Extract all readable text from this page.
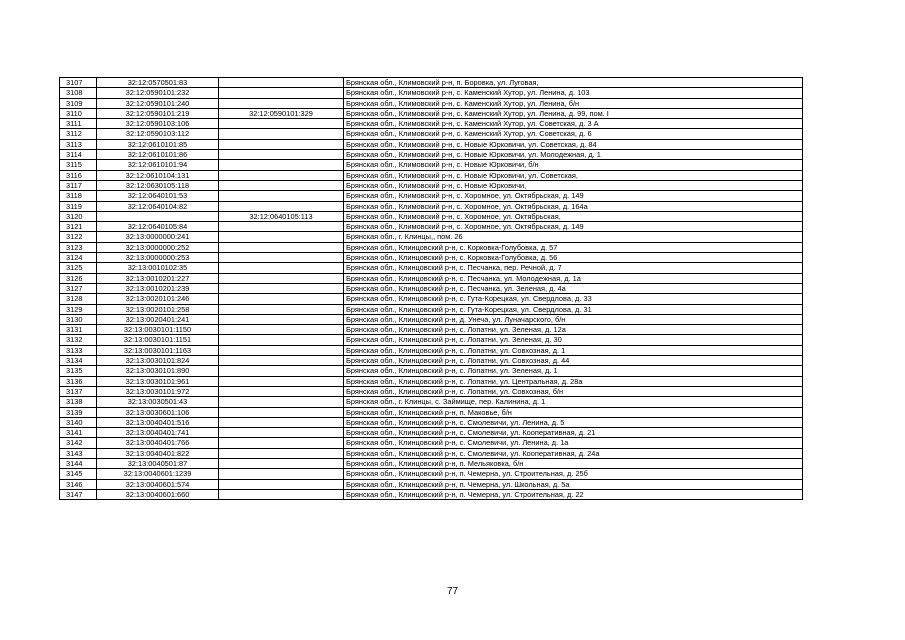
3107	32:12:0570501:83		Брянская обл., Климовский р-н, п. Боровка, ул. Луговая,
3108	32:12:0590101:232		Брянская обл., Климовский р-н, с. Каменский Хутор, ул. Ленина, д. 103
3109	32:12:0590101:240		Брянская обл., Климовский р-н, с. Каменский Хутор, ул. Ленина, б/н
3110	32:12:0590101:219	32:12:0590101:329	Брянская обл., Климовский р-н, с. Каменский Хутор, ул. Ленина, д. 99, пом. I
3111	32:12:0590103:106		Брянская обл., Климовский р-н, с. Каменский Хутор, ул. Советская, д. 3 А
3112	32:12:0590103:112		Брянская обл., Климовский р-н, с. Каменский Хутор, ул. Советская, д. 6
3113	32:12:0610101:85		Брянская обл., Климовский р-н, с. Новые Юрковичи, ул. Советская, д. 84
3114	32:12:0610101:86		Брянская обл., Климовский р-н, с. Новые Юрковичи, ул. Молодежная, д. 1
3115	32:12:0610101:94		Брянская обл., Климовский р-н, с. Новые Юрковичи, б/н
3116	32:12:0610104:131		Брянская обл., Климовский р-н, с. Новые Юрковичи, ул. Советская,
3117	32:12:0630105:118		Брянская обл., Климовский р-н, с. Новые Юрковичи,
3118	32:12:0640101:53		Брянская обл., Климовский р-н, с. Хоромное, ул. Октябрьская, д. 149
3119	32:12:0640104:82		Брянская обл., Климовский р-н, с. Хоромное, ул. Октябрьская, д. 164а
3120		32:12:0640105:113	Брянская обл., Климовский р-н, с. Хоромное, ул. Октябрьская,
3121	32:12:0640105:84		Брянская обл., Климовский р-н, с. Хоромное, ул. Октябрьская, д. 149
3122	32:13:0000000:241		Брянская обл., г. Клинцы,, пом. 26
3123	32:13:0000000:252		Брянская обл., Клинцовский р-н, с. Корковка-Голубовка, д. 57
3124	32:13:0000000:253		Брянская обл., Клинцовский р-н, с. Корковка-Голубовка, д. 56
3125	32:13:0010102:35		Брянская обл., Клинцовский р-н, с. Песчанка, пер. Речной, д. 7
3126	32:13:0010201:227		Брянская обл., Клинцовский р-н, с. Песчанка, ул. Молодежная, д. 1а
3127	32:13:0010201:239		Брянская обл., Клинцовский р-н, с. Песчанка, ул. Зеленая, д. 4а
3128	32:13:0020101:246		Брянская обл., Клинцовский р-н, с. Гута-Корецкая, ул. Свердлова, д. 33
3129	32:13:0020101:258		Брянская обл., Клинцовский р-н, с. Гута-Корецкая, ул. Свердлова, д. 31
3130	32:13:0020401:241		Брянская обл., Клинцовский р-н, д. Унеча, ул. Луначарского, б/н
3131	32:13:0030101:1150		Брянская обл., Клинцовский р-н, с. Лопатни, ул. Зеленая, д. 12а
3132	32:13:0030101:1151		Брянская обл., Клинцовский р-н, с. Лопатни, ул. Зеленая, д. 30
3133	32:13:0030101:1163		Брянская обл., Клинцовский р-н, с. Лопатни, ул. Совхозная, д. 1
3134	32:13:0030101:824		Брянская обл., Клинцовский р-н, с. Лопатни, ул. Совхозная, д. 44
3135	32:13:0030101:890		Брянская обл., Клинцовский р-н, с. Лопатни, ул. Зеленая, д. 1
3136	32:13:0030101:961		Брянская обл., Клинцовский р-н, с. Лопатни, ул. Центральная, д. 28а
3137	32:13:0030101:972		Брянская обл., Клинцовский р-н, с. Лопатни, ул. Совхозная, б/н
3138	32:13:0030501:43		Брянская обл., г. Клинцы, с. Займище, пер. Калинина, д. 1
3139	32:13:0030601:106		Брянская обл., Клинцовский р-н, п. Маковье, б/н
3140	32:13:0040401:516		Брянская обл., Клинцовский р-н, с. Смолевичи, ул. Ленина, д. 5
3141	32:13:0040401:741		Брянская обл., Клинцовский р-н, с. Смолевичи, ул. Кооперативная, д. 21
3142	32:13:0040401:766		Брянская обл., Клинцовский р-н, с. Смолевичи, ул. Ленина, д. 1а
3143	32:13:0040401:822		Брянская обл., Клинцовский р-н, с. Смолевичи, ул. Кооперативная, д. 24а
3144	32:13:0040501:87		Брянская обл., Клинцовский р-н, п. Мельяковка, б/н
3145	32:13:0040601:1239		Брянская обл., Клинцовский р-н, п. Чемерна, ул. Строительная, д. 25б
3146	32:13:0040601:574		Брянская обл., Клинцовский р-н, п. Чемерна, ул. Школьная, д. 5а
3147	32:13:0040601:660		Брянская обл., Клинцовский р-н, п. Чемерна, ул. Строительная, д. 22
77
